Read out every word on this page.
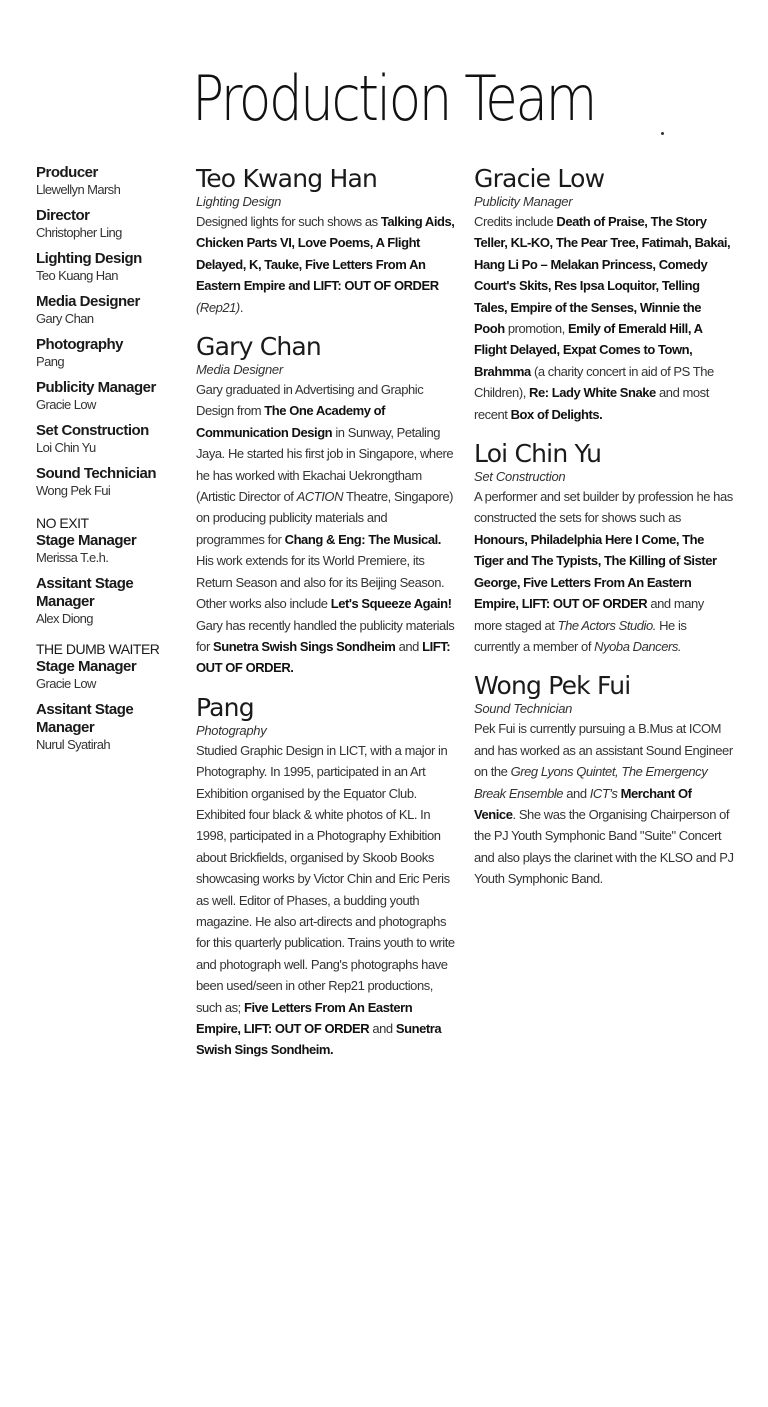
Production Team
Producer
Llewellyn Marsh
Director
Christopher Ling
Lighting Design
Teo Kuang Han
Media Designer
Gary Chan
Photography
Pang
Publicity Manager
Gracie Low
Set Construction
Loi Chin Yu
Sound Technician
Wong Pek Fui
NO EXIT
Stage Manager
Merissa T.e.h.
Assitant Stage Manager
Alex Diong
THE DUMB WAITER
Stage Manager
Gracie Low
Assitant Stage Manager
Nurul Syatirah
Teo Kwang Han
Lighting Design
Designed lights for such shows as Talking Aids, Chicken Parts VI, Love Poems, A Flight Delayed, K, Tauke, Five Letters From An Eastern Empire and LIFT: OUT OF ORDER (Rep21).
Gary Chan
Media Designer
Gary graduated in Advertising and Graphic Design from The One Academy of Communication Design in Sunway, Petaling Jaya. He started his first job in Singapore, where he has worked with Ekachai Uekrongtham (Artistic Director of ACTION Theatre, Singapore) on producing publicity materials and programmes for Chang & Eng: The Musical. His work extends for its World Premiere, its Return Season and also for its Beijing Season. Other works also include Let's Squeeze Again! Gary has recently handled the publicity materials for Sunetra Swish Sings Sondheim and LIFT: OUT OF ORDER.
Pang
Photography
Studied Graphic Design in LICT, with a major in Photography. In 1995, participated in an Art Exhibition organised by the Equator Club. Exhibited four black & white photos of KL. In 1998, participated in a Photography Exhibition about Brickfields, organised by Skoob Books showcasing works by Victor Chin and Eric Peris as well. Editor of Phases, a budding youth magazine. He also art-directs and photographs for this quarterly publication. Trains youth to write and photograph well. Pang's photographs have been used/seen in other Rep21 productions, such as; Five Letters From An Eastern Empire, LIFT: OUT OF ORDER and Sunetra Swish Sings Sondheim.
Gracie Low
Publicity Manager
Credits include Death of Praise, The Story Teller, KL-KO, The Pear Tree, Fatimah, Bakai, Hang Li Po – Melakan Princess, Comedy Court's Skits, Res Ipsa Loquitor, Telling Tales, Empire of the Senses, Winnie the Pooh promotion, Emily of Emerald Hill, A Flight Delayed, Expat Comes to Town, Brahmma (a charity concert in aid of PS The Children), Re: Lady White Snake and most recent Box of Delights.
Loi Chin Yu
Set Construction
A performer and set builder by profession he has constructed the sets for shows such as Honours, Philadelphia Here I Come, The Tiger and The Typists, The Killing of Sister George, Five Letters From An Eastern Empire, LIFT: OUT OF ORDER and many more staged at The Actors Studio. He is currently a member of Nyoba Dancers.
Wong Pek Fui
Sound Technician
Pek Fui is currently pursuing a B.Mus at ICOM and has worked as an assistant Sound Engineer on the Greg Lyons Quintet, The Emergency Break Ensemble and ICT's Merchant Of Venice. She was the Organising Chairperson of the PJ Youth Symphonic Band "Suite" Concert and also plays the clarinet with the KLSO and PJ Youth Symphonic Band.
